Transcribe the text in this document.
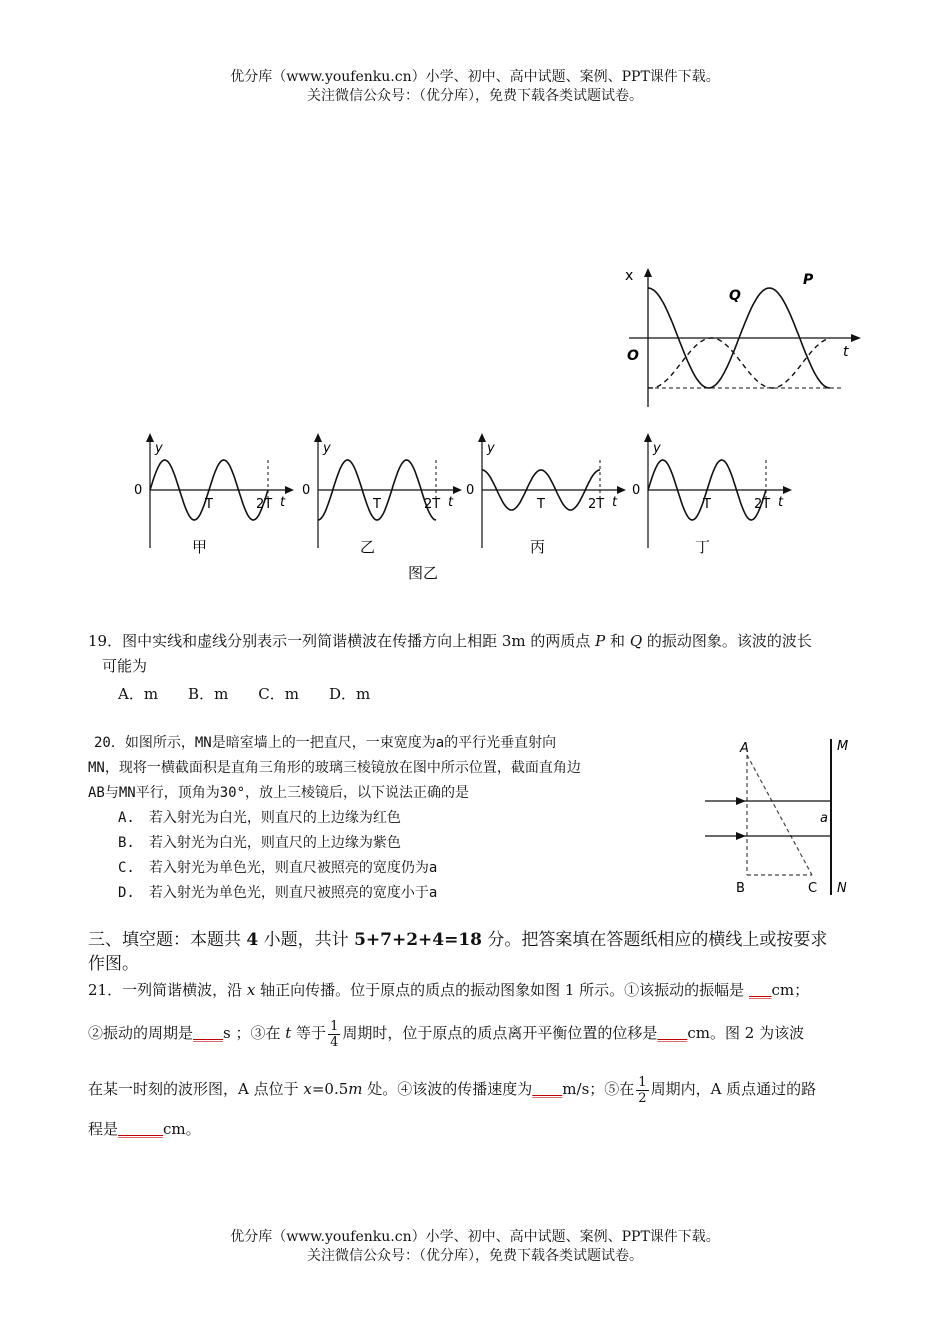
优分库（www.youfenku.cn）小学、初中、高中试题、案例、PPT课件下载。
关注微信公众号：（优分库），免费下载各类试题试卷。
x
t
O
Q
P
y
0
T	2T t
y
0
T	2T t
y
0
T	2T t
y
0
T	2T t
甲	乙	丙	丁
图乙
19．图中实线和虚线分别表示一列简谐横波在传播方向上相距 3m 的两质点 P 和 Q 的振动图象。该波的波长
可能为
A．m　　B．m　　C．m　　D．m
20．如图所示，MN是暗室墙上的一把直尺，一束宽度为a的平行光垂直射向
MN，现将一横截面积是直角三角形的玻璃三棱镜放在图中所示位置，截面直角边
AB与MN平行，顶角为30°，放上三棱镜后，以下说法正确的是
A.　若入射光为白光，则直尺的上边缘为红色
B.　若入射光为白光，则直尺的上边缘为紫色
C.　若入射光为单色光，则直尺被照亮的宽度仍为a
D.　若入射光为单色光，则直尺被照亮的宽度小于a
A
B	C
M
N
a
三、填空题：本题共 4 小题，共计 5+7+2+4=18 分。把答案填在答题纸相应的横线上或按要求
作图。
21．一列简谐横波，沿 x 轴正向传播。位于原点的质点的振动图象如图 1 所示。①该振动的振幅是 ___cm；
②振动的周期是____s ；③在 t 等于 $\frac{1}{4}$ 周期时，位于原点的质点离开平衡位置的位移是____cm。图 2 为该波
在某一时刻的波形图，A 点位于 x=0.5m 处。④该波的传播速度为____m/s；⑤在 $\frac{1}{2}$ 周期内，A 质点通过的路
程是______cm。
优分库（www.youfenku.cn）小学、初中、高中试题、案例、PPT课件下载。
关注微信公众号：（优分库），免费下载各类试题试卷。
